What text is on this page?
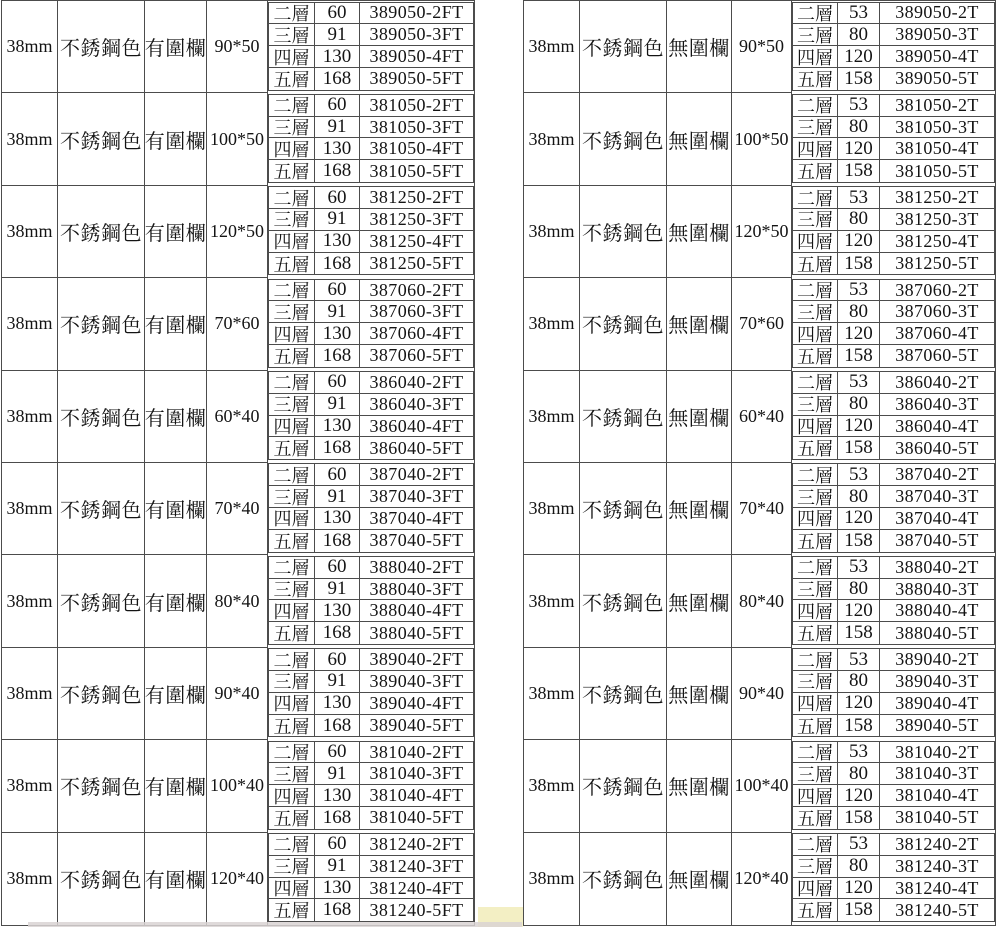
38mm 不銹鋼色 有圍欄 90*50
二層 60	389050-2FT
三層 91	389050-3FT
四層 130	389050-4FT
五層 168	389050-5FT
38mm 不銹鋼色 有圍欄 100*50
二層 60	381050-2FT
三層 91	381050-3FT
四層 130	381050-4FT
五層 168	381050-5FT
38mm 不銹鋼色 有圍欄 120*50
二層 60	381250-2FT
三層 91	381250-3FT
四層 130	381250-4FT
五層 168	381250-5FT
38mm 不銹鋼色 有圍欄 70*60
二層 60	387060-2FT
三層 91	387060-3FT
四層 130	387060-4FT
五層 168	387060-5FT
38mm 不銹鋼色 有圍欄 60*40
二層 60	386040-2FT
三層 91	386040-3FT
四層 130	386040-4FT
五層 168	386040-5FT
38mm 不銹鋼色 有圍欄 70*40
二層 60	387040-2FT
三層 91	387040-3FT
四層 130	387040-4FT
五層 168	387040-5FT
38mm 不銹鋼色 有圍欄 80*40
二層 60	388040-2FT
三層 91	388040-3FT
四層 130	388040-4FT
五層 168	388040-5FT
38mm 不銹鋼色 有圍欄 90*40
二層 60	389040-2FT
三層 91	389040-3FT
四層 130	389040-4FT
五層 168	389040-5FT
38mm 不銹鋼色 有圍欄 100*40
二層 60	381040-2FT
三層 91	381040-3FT
四層 130	381040-4FT
五層 168	381040-5FT
38mm 不銹鋼色 有圍欄 120*40
二層 60	381240-2FT
三層 91	381240-3FT
四層 130	381240-4FT
五層 168	381240-5FT
38mm 不銹鋼色 無圍欄 90*50
二層 53	389050-2T
三層 80	389050-3T
四層 120	389050-4T
五層 158	389050-5T
38mm 不銹鋼色 無圍欄 100*50
二層 53	381050-2T
三層 80	381050-3T
四層 120	381050-4T
五層 158	381050-5T
38mm 不銹鋼色 無圍欄 120*50
二層 53	381250-2T
三層 80	381250-3T
四層 120	381250-4T
五層 158	381250-5T
38mm 不銹鋼色 無圍欄 70*60
二層 53	387060-2T
三層 80	387060-3T
四層 120	387060-4T
五層 158	387060-5T
38mm 不銹鋼色 無圍欄 60*40
二層 53	386040-2T
三層 80	386040-3T
四層 120	386040-4T
五層 158	386040-5T
38mm 不銹鋼色 無圍欄 70*40
二層 53	387040-2T
三層 80	387040-3T
四層 120	387040-4T
五層 158	387040-5T
38mm 不銹鋼色 無圍欄 80*40
二層 53	388040-2T
三層 80	388040-3T
四層 120	388040-4T
五層 158	388040-5T
38mm 不銹鋼色 無圍欄 90*40
二層 53	389040-2T
三層 80	389040-3T
四層 120	389040-4T
五層 158	389040-5T
38mm 不銹鋼色 無圍欄 100*40
二層 53	381040-2T
三層 80	381040-3T
四層 120	381040-4T
五層 158	381040-5T
38mm 不銹鋼色 無圍欄 120*40
二層 53	381240-2T
三層 80	381240-3T
四層 120	381240-4T
五層 158	381240-5T
